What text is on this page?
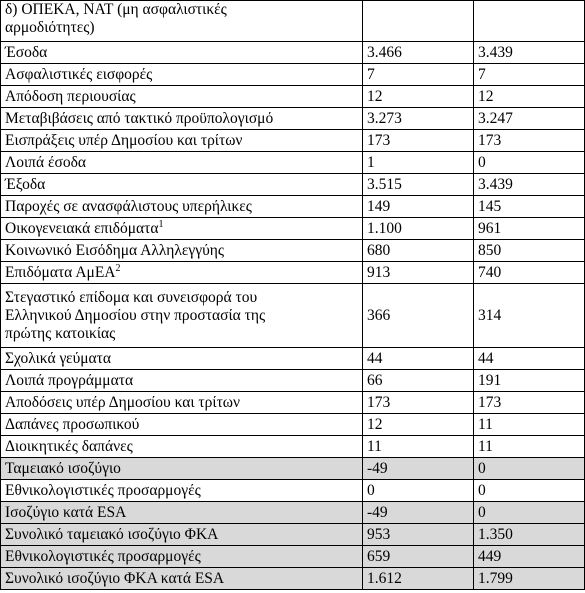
δ) ΟΠΕΚΑ, ΝΑΤ (μη ασφαλιστικές
αρμοδιότητες)		
Έσοδα	3.466	3.439
Ασφαλιστικές εισφορές	7	7
Απόδοση περιουσίας	12	12
Μεταβιβάσεις από τακτικό προϋπολογισμό	3.273	3.247
Εισπράξεις υπέρ Δημοσίου και τρίτων	173	173
Λοιπά έσοδα	1	0
Έξοδα	3.515	3.439
Παροχές σε ανασφάλιστους υπερήλικες	149	145
Οικογενειακά επιδόματα$^1$	1.100	961
Κοινωνικό Εισόδημα Αλληλεγγύης	680	850
Επιδόματα ΑμΕΑ$^2$	913	740
Στεγαστικό επίδομα και συνεισφορά του
Ελληνικού Δημοσίου στην προστασία της
πρώτης κατοικίας	366	314
Σχολικά γεύματα	44	44
Λοιπά προγράμματα	66	191
Αποδόσεις υπέρ Δημοσίου και τρίτων	173	173
Δαπάνες προσωπικού	12	11
Διοικητικές δαπάνες	11	11
Ταμειακό ισοζύγιο	-49	0
Εθνικολογιστικές προσαρμογές	0	0
Ισοζύγιο κατά ESA	-49	0
Συνολικό ταμειακό ισοζύγιο ΦΚΑ	953	1.350
Εθνικολογιστικές προσαρμογές	659	449
Συνολικό ισοζύγιο ΦΚΑ κατά ESA	1.612	1.799
